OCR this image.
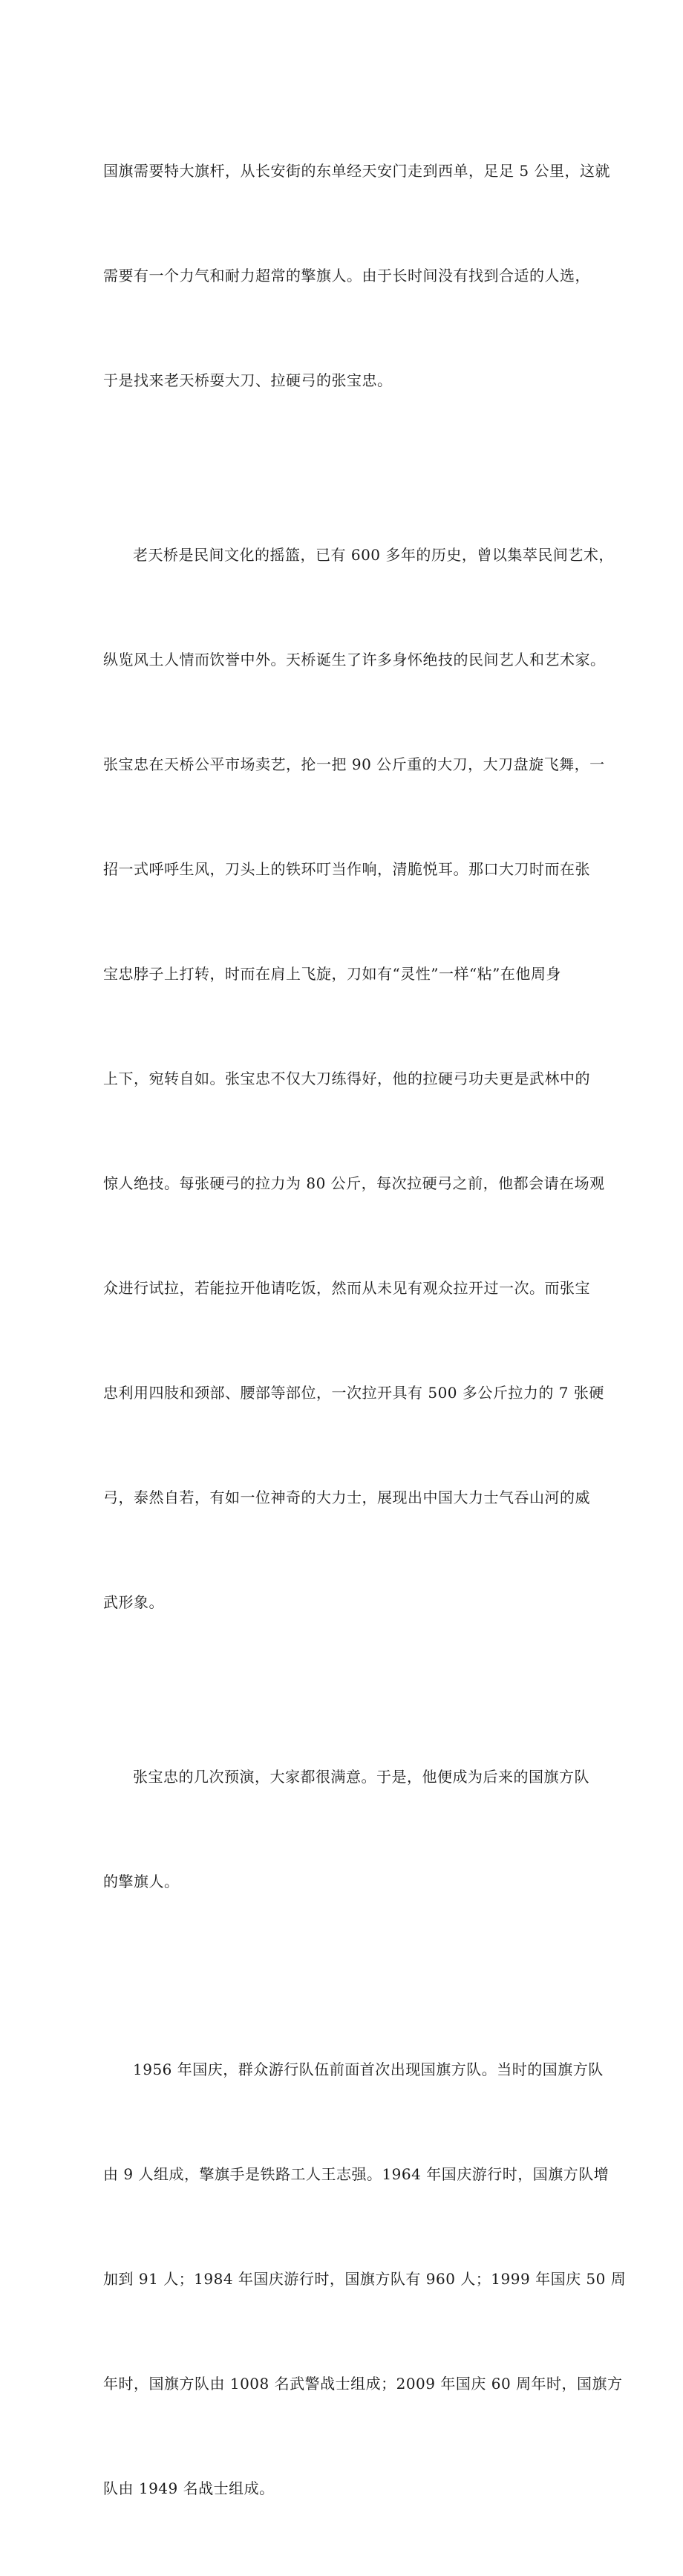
国旗需要特大旗杆，从长安街的东单经天安门走到西单，足足 5 公里，这就

需要有一个力气和耐力超常的擎旗人。由于长时间没有找到合适的人选，

于是找来老天桥耍大刀、拉硬弓的张宝忠。

老天桥是民间文化的摇篮，已有 600 多年的历史，曾以集萃民间艺术，

纵览风土人情而饮誉中外。天桥诞生了许多身怀绝技的民间艺人和艺术家。

张宝忠在天桥公平市场卖艺，抡一把 90 公斤重的大刀，大刀盘旋飞舞，一

招一式呼呼生风，刀头上的铁环叮当作响，清脆悦耳。那口大刀时而在张

宝忠脖子上打转，时而在肩上飞旋，刀如有“灵性”一样“粘”在他周身

上下，宛转自如。张宝忠不仅大刀练得好，他的拉硬弓功夫更是武林中的

惊人绝技。每张硬弓的拉力为 80 公斤，每次拉硬弓之前，他都会请在场观

众进行试拉，若能拉开他请吃饭，然而从未见有观众拉开过一次。而张宝

忠利用四肢和颈部、腰部等部位，一次拉开具有 500 多公斤拉力的 7 张硬

弓，泰然自若，有如一位神奇的大力士，展现出中国大力士气吞山河的威

武形象。

张宝忠的几次预演，大家都很满意。于是，他便成为后来的国旗方队

的擎旗人。

1956 年国庆，群众游行队伍前面首次出现国旗方队。当时的国旗方队

由 9 人组成，擎旗手是铁路工人王志强。1964 年国庆游行时，国旗方队增

加到 91 人；1984 年国庆游行时，国旗方队有 960 人；1999 年国庆 50 周

年时，国旗方队由 1008 名武警战士组成；2009 年国庆 60 周年时，国旗方

队由 1949 名战士组成。
